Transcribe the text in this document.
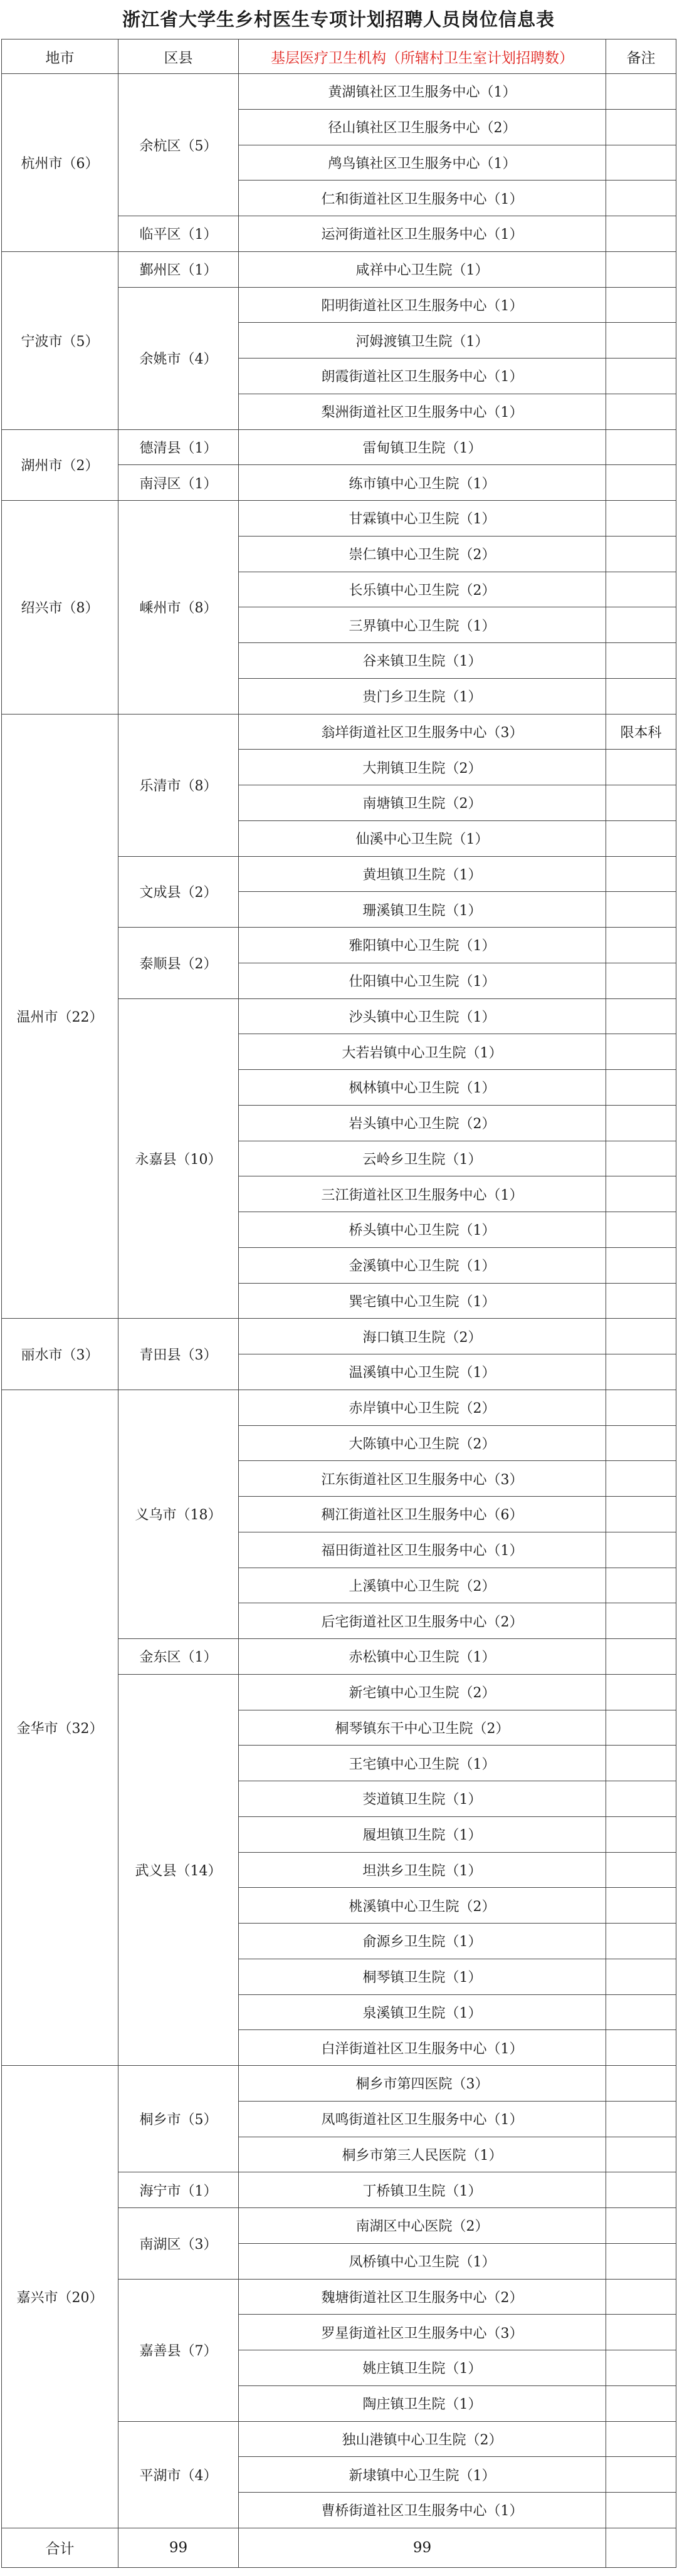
浙江省大学生乡村医生专项计划招聘人员岗位信息表
地市	区县	基层医疗卫生机构（所辖村卫生室计划招聘数）	备注
杭州市（6）	余杭区（5）	黄湖镇社区卫生服务中心（1）	
		径山镇社区卫生服务中心（2）	
		鸬鸟镇社区卫生服务中心（1）	
		仁和街道社区卫生服务中心（1）	
	临平区（1）	运河街道社区卫生服务中心（1）	
宁波市（5）	鄞州区（1）	咸祥中心卫生院（1）	
	余姚市（4）	阳明街道社区卫生服务中心（1）	
		河姆渡镇卫生院（1）	
		朗霞街道社区卫生服务中心（1）	
		梨洲街道社区卫生服务中心（1）	
湖州市（2）	德清县（1）	雷甸镇卫生院（1）	
	南浔区（1）	练市镇中心卫生院（1）	
绍兴市（8）	嵊州市（8）	甘霖镇中心卫生院（1）	
		崇仁镇中心卫生院（2）	
		长乐镇中心卫生院（2）	
		三界镇中心卫生院（1）	
		谷来镇卫生院（1）	
		贵门乡卫生院（1）	
温州市（22）	乐清市（8）	翁垟街道社区卫生服务中心（3）	限本科
		大荆镇卫生院（2）	
		南塘镇卫生院（2）	
		仙溪中心卫生院（1）	
	文成县（2）	黄坦镇卫生院（1）	
		珊溪镇卫生院（1）	
	泰顺县（2）	雅阳镇中心卫生院（1）	
		仕阳镇中心卫生院（1）	
	永嘉县（10）	沙头镇中心卫生院（1）	
		大若岩镇中心卫生院（1）	
		枫林镇中心卫生院（1）	
		岩头镇中心卫生院（2）	
		云岭乡卫生院（1）	
		三江街道社区卫生服务中心（1）	
		桥头镇中心卫生院（1）	
		金溪镇中心卫生院（1）	
		巽宅镇中心卫生院（1）	
丽水市（3）	青田县（3）	海口镇卫生院（2）	
		温溪镇中心卫生院（1）	
金华市（32）	义乌市（18）	赤岸镇中心卫生院（2）	
		大陈镇中心卫生院（2）	
		江东街道社区卫生服务中心（3）	
		稠江街道社区卫生服务中心（6）	
		福田街道社区卫生服务中心（1）	
		上溪镇中心卫生院（2）	
		后宅街道社区卫生服务中心（2）	
	金东区（1）	赤松镇中心卫生院（1）	
	武义县（14）	新宅镇中心卫生院（2）	
		桐琴镇东干中心卫生院（2）	
		王宅镇中心卫生院（1）	
		茭道镇卫生院（1）	
		履坦镇卫生院（1）	
		坦洪乡卫生院（1）	
		桃溪镇中心卫生院（2）	
		俞源乡卫生院（1）	
		桐琴镇卫生院（1）	
		泉溪镇卫生院（1）	
		白洋街道社区卫生服务中心（1）	
嘉兴市（20）	桐乡市（5）	桐乡市第四医院（3）	
		凤鸣街道社区卫生服务中心（1）	
		桐乡市第三人民医院（1）	
	海宁市（1）	丁桥镇卫生院（1）	
	南湖区（3）	南湖区中心医院（2）	
		凤桥镇中心卫生院（1）	
	嘉善县（7）	魏塘街道社区卫生服务中心（2）	
		罗星街道社区卫生服务中心（3）	
		姚庄镇卫生院（1）	
		陶庄镇卫生院（1）	
	平湖市（4）	独山港镇中心卫生院（2）	
		新埭镇中心卫生院（1）	
		曹桥街道社区卫生服务中心（1）	
合计	99	99	
